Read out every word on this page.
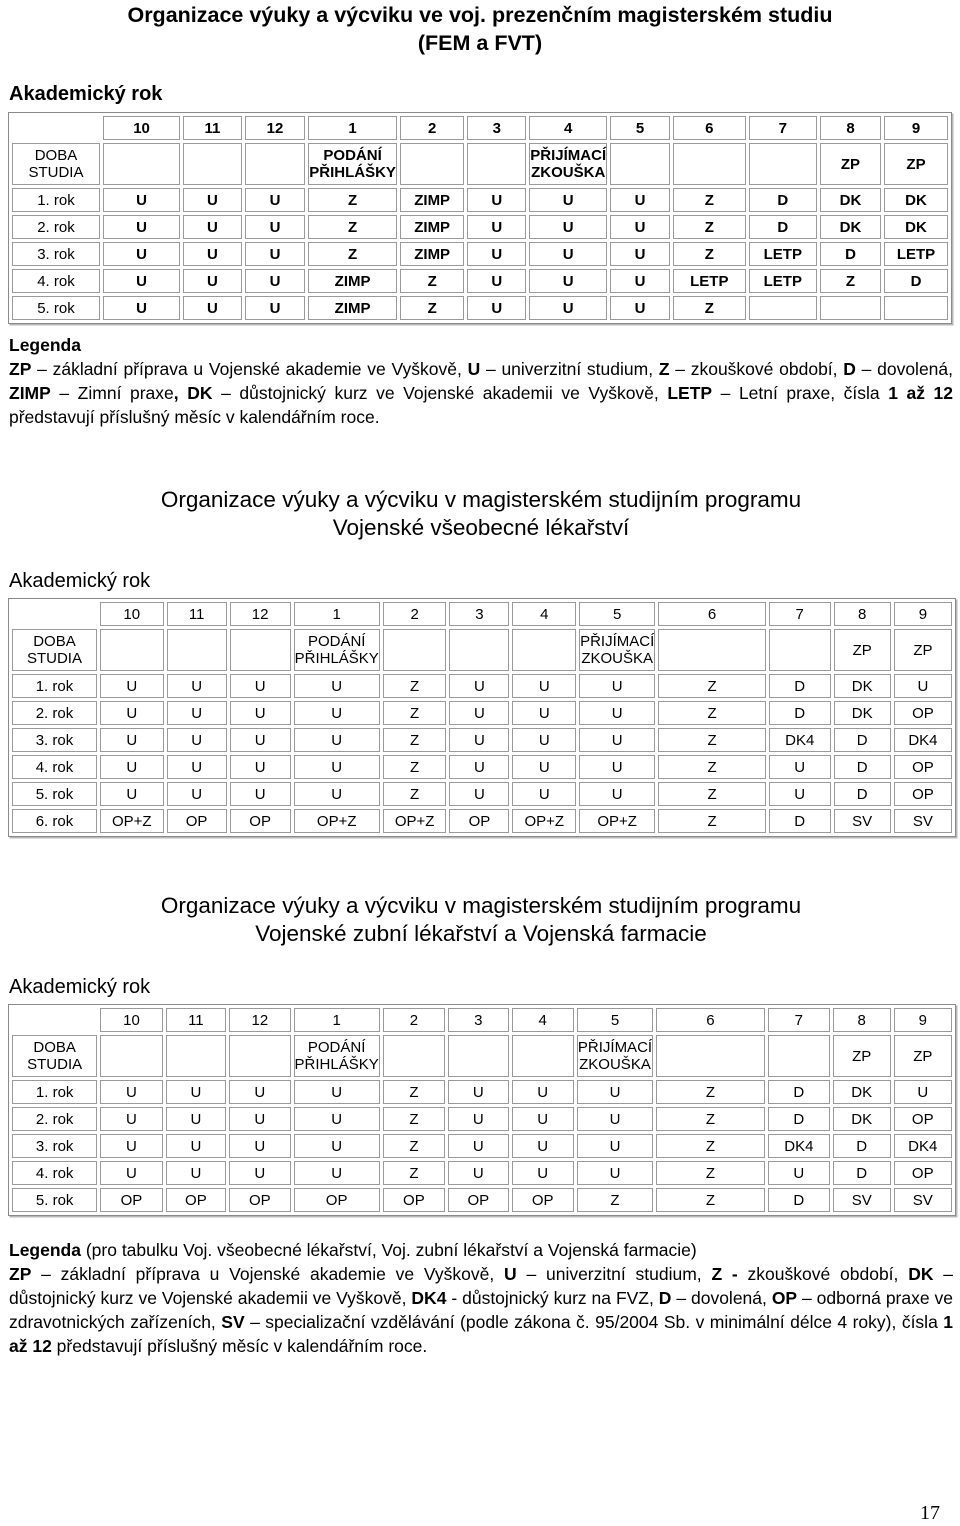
Organizace výuky a výcviku ve voj. prezenčním magisterském studiu
(FEM a FVT)
Akademický rok
	10	11	12	1	2	3	4	5	6	7	8	9
DOBA STUDIA				PODÁNÍ PŘIHLÁŠKY			PŘIJÍMACÍ ZKOUŠKA				ZP	ZP
1. rok	U	U	U	Z	ZIMP	U	U	U	Z	D	DK	DK
2. rok	U	U	U	Z	ZIMP	U	U	U	Z	D	DK	DK
3. rok	U	U	U	Z	ZIMP	U	U	U	Z	LETP	D	LETP
4. rok	U	U	U	ZIMP	Z	U	U	U	LETP	LETP	Z	D
5. rok	U	U	U	ZIMP	Z	U	U	U	Z			
Legenda
ZP – základní příprava u Vojenské akademie ve Vyškově, U – univerzitní studium, Z – zkouškové období, D – dovolená, ZIMP – Zimní praxe, DK – důstojnický kurz ve Vojenské akademii ve Vyškově, LETP – Letní praxe, čísla 1 až 12 představují příslušný měsíc v kalendářním roce.
Organizace výuky a výcviku v magisterském studijním programu
Vojenské všeobecné lékařství
Akademický rok
	10	11	12	1	2	3	4	5	6	7	8	9
DOBA STUDIA				PODÁNÍ PŘIHLÁŠKY				PŘIJÍMACÍ ZKOUŠKA			ZP	ZP
1. rok	U	U	U	U	Z	U	U	U	Z	D	DK	U
2. rok	U	U	U	U	Z	U	U	U	Z	D	DK	OP
3. rok	U	U	U	U	Z	U	U	U	Z	DK4	D	DK4
4. rok	U	U	U	U	Z	U	U	U	Z	U	D	OP
5. rok	U	U	U	U	Z	U	U	U	Z	U	D	OP
6. rok	OP+Z	OP	OP	OP+Z	OP+Z	OP	OP+Z	OP+Z	Z	D	SV	SV
Organizace výuky a výcviku v magisterském studijním programu
Vojenské zubní lékařství a Vojenská farmacie
Akademický rok
	10	11	12	1	2	3	4	5	6	7	8	9
DOBA STUDIA				PODÁNÍ PŘIHLÁŠKY				PŘIJÍMACÍ ZKOUŠKA			ZP	ZP
1. rok	U	U	U	U	Z	U	U	U	Z	D	DK	U
2. rok	U	U	U	U	Z	U	U	U	Z	D	DK	OP
3. rok	U	U	U	U	Z	U	U	U	Z	DK4	D	DK4
4. rok	U	U	U	U	Z	U	U	U	Z	U	D	OP
5. rok	OP	OP	OP	OP	OP	OP	OP	Z	Z	D	SV	SV
Legenda (pro tabulku Voj. všeobecné lékařství, Voj. zubní lékařství a Vojenská farmacie)
ZP – základní příprava u Vojenské akademie ve Vyškově, U – univerzitní studium, Z - zkouškové období, DK – důstojnický kurz ve Vojenské akademii ve Vyškově, DK4 - důstojnický kurz na FVZ, D – dovolená, OP – odborná praxe ve zdravotnických zařízeních, SV – specializační vzdělávání (podle zákona č. 95/2004 Sb. v minimální délce 4 roky), čísla 1 až 12 představují příslušný měsíc v kalendářním roce.
17
